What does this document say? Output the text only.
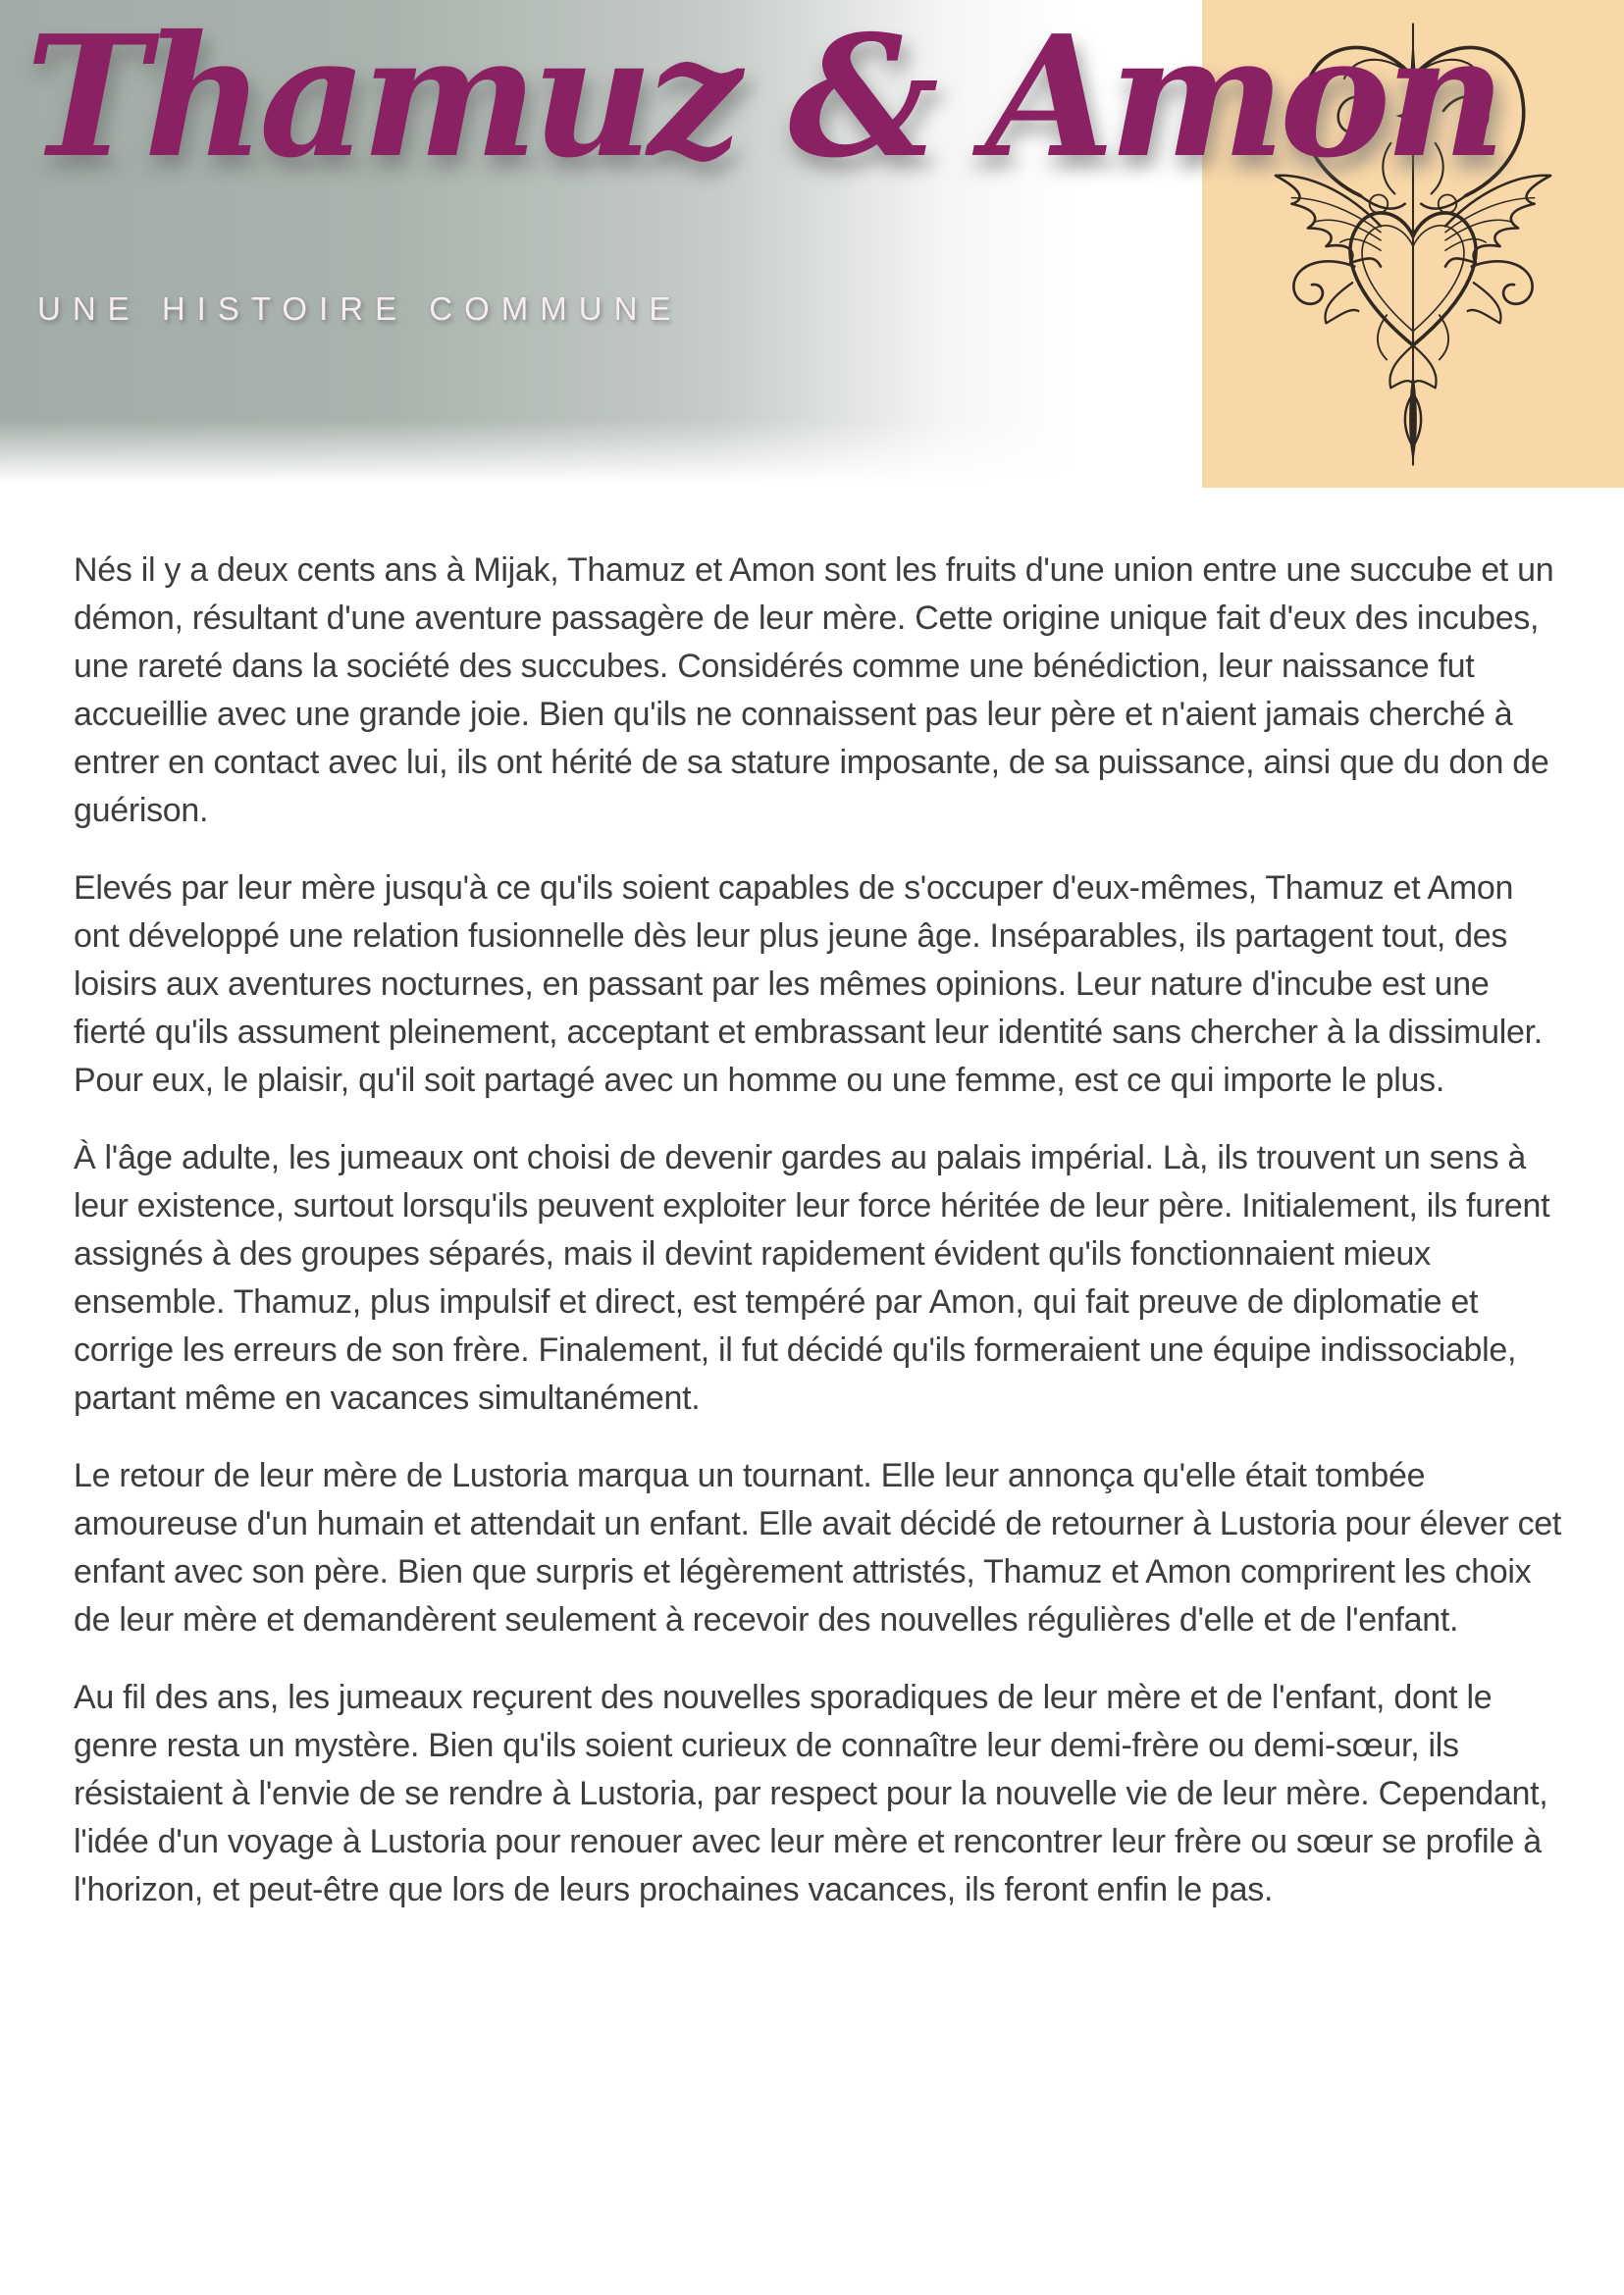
Thamuz & Amon
UNE HISTOIRE COMMUNE

Nés il y a deux cents ans à Mijak, Thamuz et Amon sont les fruits d'une union entre une succube et un démon, résultant d'une aventure passagère de leur mère. Cette origine unique fait d'eux des incubes, une rareté dans la société des succubes. Considérés comme une bénédiction, leur naissance fut accueillie avec une grande joie. Bien qu'ils ne connaissent pas leur père et n'aient jamais cherché à entrer en contact avec lui, ils ont hérité de sa stature imposante, de sa puissance, ainsi que du don de guérison.

Elevés par leur mère jusqu'à ce qu'ils soient capables de s'occuper d'eux-mêmes, Thamuz et Amon ont développé une relation fusionnelle dès leur plus jeune âge. Inséparables, ils partagent tout, des loisirs aux aventures nocturnes, en passant par les mêmes opinions. Leur nature d'incube est une fierté qu'ils assument pleinement, acceptant et embrassant leur identité sans chercher à la dissimuler. Pour eux, le plaisir, qu'il soit partagé avec un homme ou une femme, est ce qui importe le plus.

À l'âge adulte, les jumeaux ont choisi de devenir gardes au palais impérial. Là, ils trouvent un sens à leur existence, surtout lorsqu'ils peuvent exploiter leur force héritée de leur père. Initialement, ils furent assignés à des groupes séparés, mais il devint rapidement évident qu'ils fonctionnaient mieux ensemble. Thamuz, plus impulsif et direct, est tempéré par Amon, qui fait preuve de diplomatie et corrige les erreurs de son frère. Finalement, il fut décidé qu'ils formeraient une équipe indissociable, partant même en vacances simultanément.

Le retour de leur mère de Lustoria marqua un tournant. Elle leur annonça qu'elle était tombée amoureuse d'un humain et attendait un enfant. Elle avait décidé de retourner à Lustoria pour élever cet enfant avec son père. Bien que surpris et légèrement attristés, Thamuz et Amon comprirent les choix de leur mère et demandèrent seulement à recevoir des nouvelles régulières d'elle et de l'enfant.

Au fil des ans, les jumeaux reçurent des nouvelles sporadiques de leur mère et de l'enfant, dont le genre resta un mystère. Bien qu'ils soient curieux de connaître leur demi-frère ou demi-sœur, ils résistaient à l'envie de se rendre à Lustoria, par respect pour la nouvelle vie de leur mère. Cependant, l'idée d'un voyage à Lustoria pour renouer avec leur mère et rencontrer leur frère ou sœur se profile à l'horizon, et peut-être que lors de leurs prochaines vacances, ils feront enfin le pas.
